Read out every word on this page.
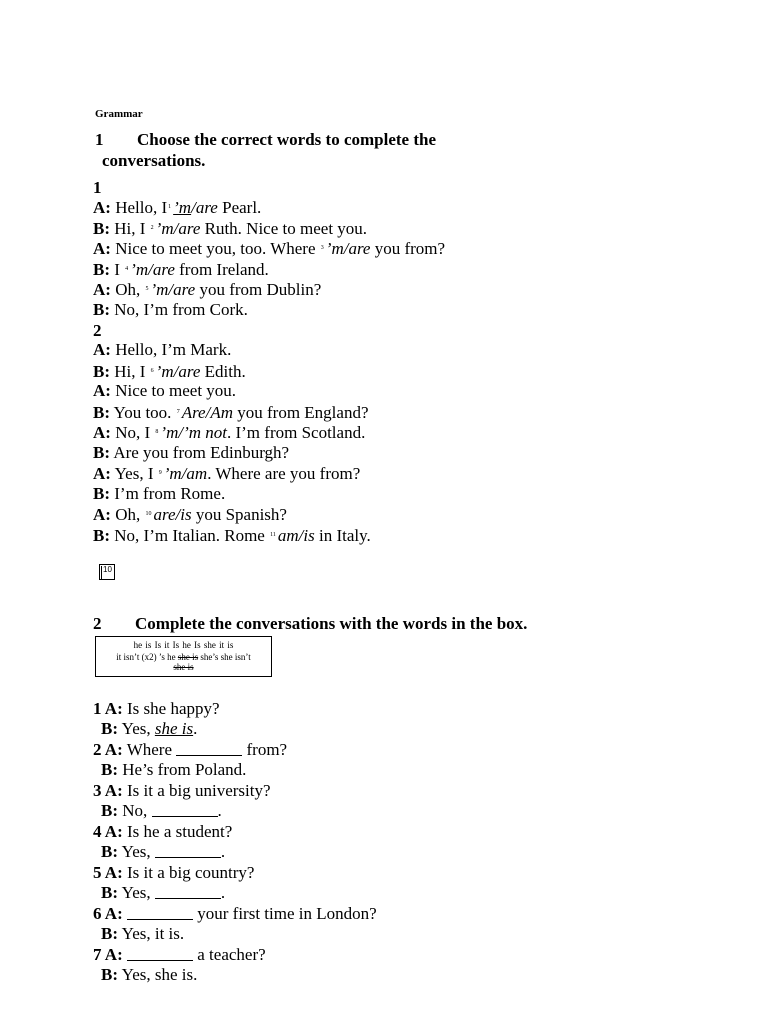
Grammar
1 Choose the correct words to complete the
conversations.
1
A: Hello, $I^1$ ’m/are Pearl.
B: Hi, I $^2$ ’m/are Ruth. Nice to meet you.
A: Nice to meet you, too. Where $^3$ ’m/are you from?
B: I $^4$ ’m/are from Ireland.
A: Oh, $^5$ ’m/are you from Dublin?
B: No, I’m from Cork.
2
A: Hello, I’m Mark.
B: Hi, I $^6$ ’m/are Edith.
A: Nice to meet you.
B: You too. $^7$ Are/Am you from England?
A: No, I $^8$ ’m/’m not. I’m from Scotland.
B: Are you from Edinburgh?
A: Yes, I $^9$ ’m/am. Where are you from?
B: I’m from Rome.
A: Oh, $^{10}$ are/is you Spanish?
B: No, I’m Italian. Rome $^{11}$ am/is in Italy.
10
2 Complete the conversations with the words in the box.
he is Is it Is he Is she it is
it isn’t (x2) ’s he she is she’s she isn’t
she is
1 A: Is she happy?
B: Yes, she is.
2 A: Where	from?
B: He’s from Poland.
3 A: Is it a big university?
B: No,	.
4 A: Is he a student?
B: Yes,	.
5 A: Is it a big country?
B: Yes,	.
6 A:	your first time in London?
B: Yes, it is.
7 A:	a teacher?
B: Yes, she is.
